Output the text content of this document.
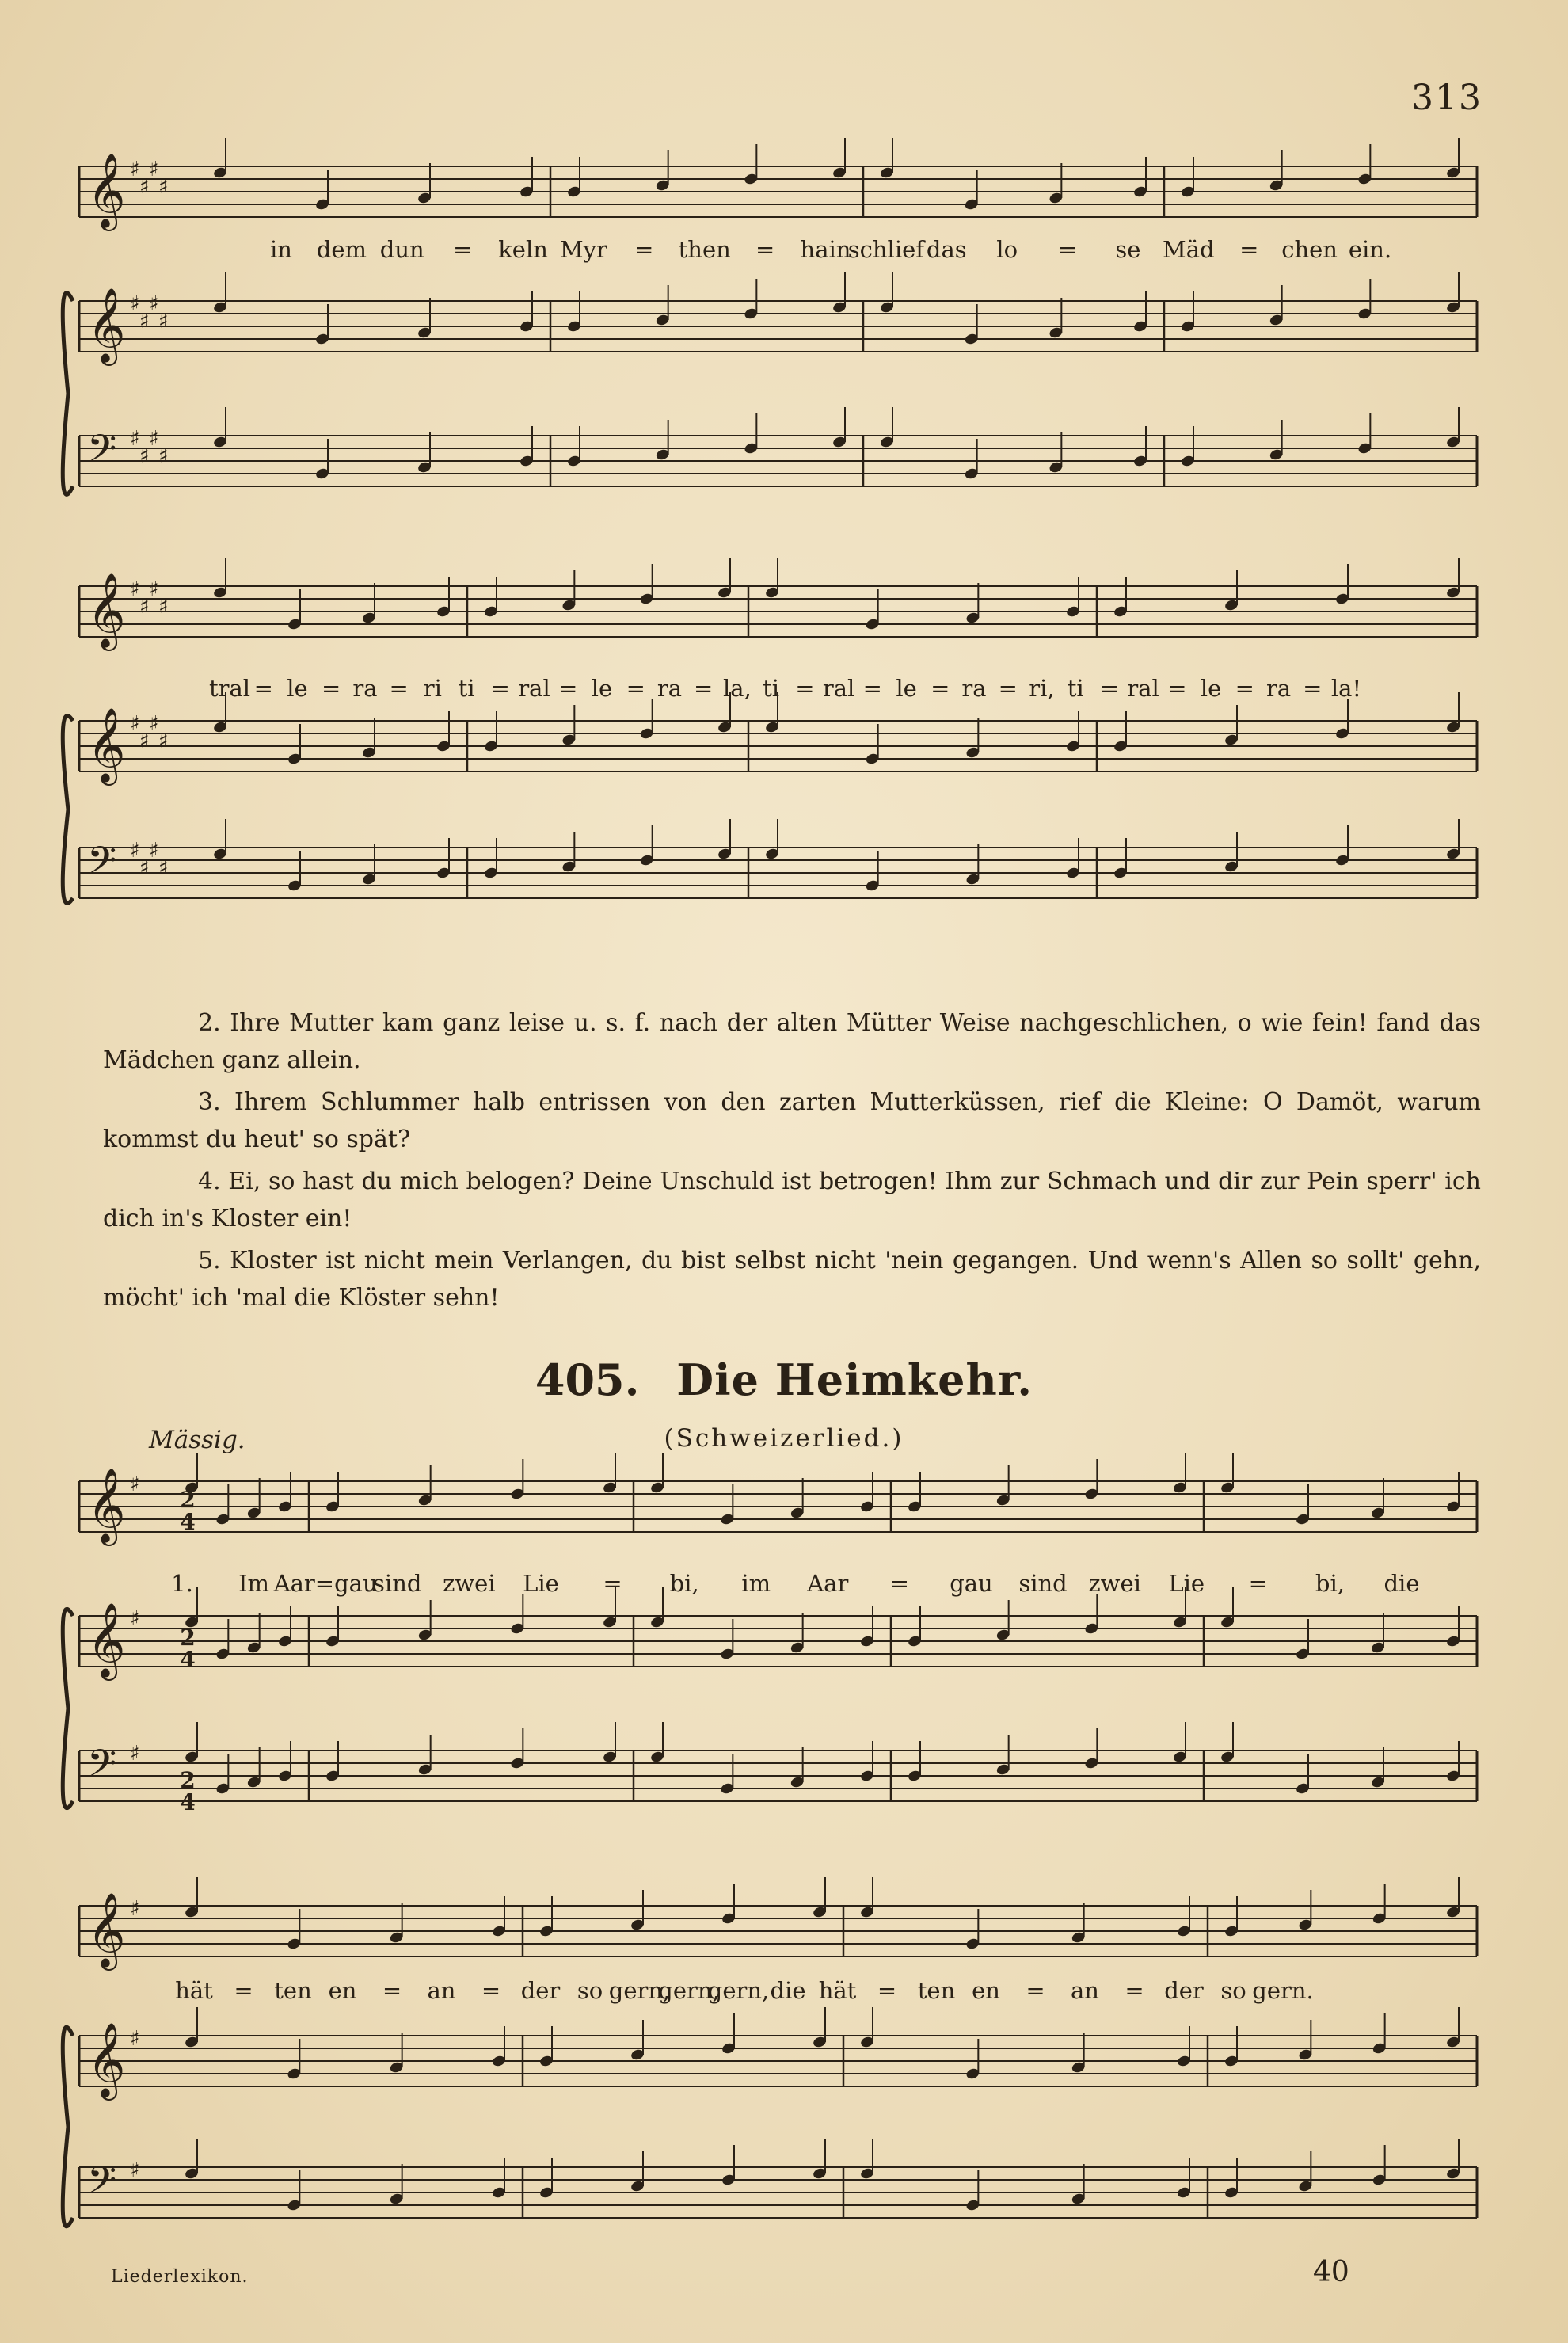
313
𝄞 ♯
♯
♯
♯
𝄞 ♯
♯
♯
♯
𝄢 ♯
♯
♯
♯
in dem dun = keln Myr = then = hain
schlief das lo = se Mäd = chen ein.
𝄞 ♯
♯
♯
♯
𝄞 ♯
♯
♯
♯
𝄢 ♯
♯
♯
♯
tral = le = ra = ri ti = ral = le = ra = la, ti = ral = le = ra = ri, ti = ral = le = ra = la!

2. Ihre Mutter kam ganz leise u. s. f. nach der alten Mütter Weise nachgeschlichen, o wie fein! fand das Mädchen ganz allein.

3. Ihrem Schlummer halb entrissen von den zarten Mutterküssen, rief die Kleine: O Damöt, warum kommst du heut' so spät?

4. Ei, so hast du mich belogen? Deine Unschuld ist betrogen! Ihm zur Schmach und dir zur Pein sperr' ich dich in's Kloster ein!

5. Kloster ist nicht mein Verlangen, du bist selbst nicht 'nein gegangen. Und wenn's Allen so sollt' gehn, möcht' ich 'mal die Klöster sehn!

405. Die Heimkehr.
Mässig.	(Schweizerlied.)
𝄞 ♯
𝄞 ♯
𝄢 ♯
1. Im Aar=gau
sind zwei Lie = bi, im Aar = gau sind zwei Lie = bi, die
𝄞 ♯
𝄞 ♯
𝄢 ♯
hät = ten en = an = der so gern,
gern,
gern, die hät = ten en = an = der so gern.
2
4
2
4
2
4
Liederlexikon.	40
